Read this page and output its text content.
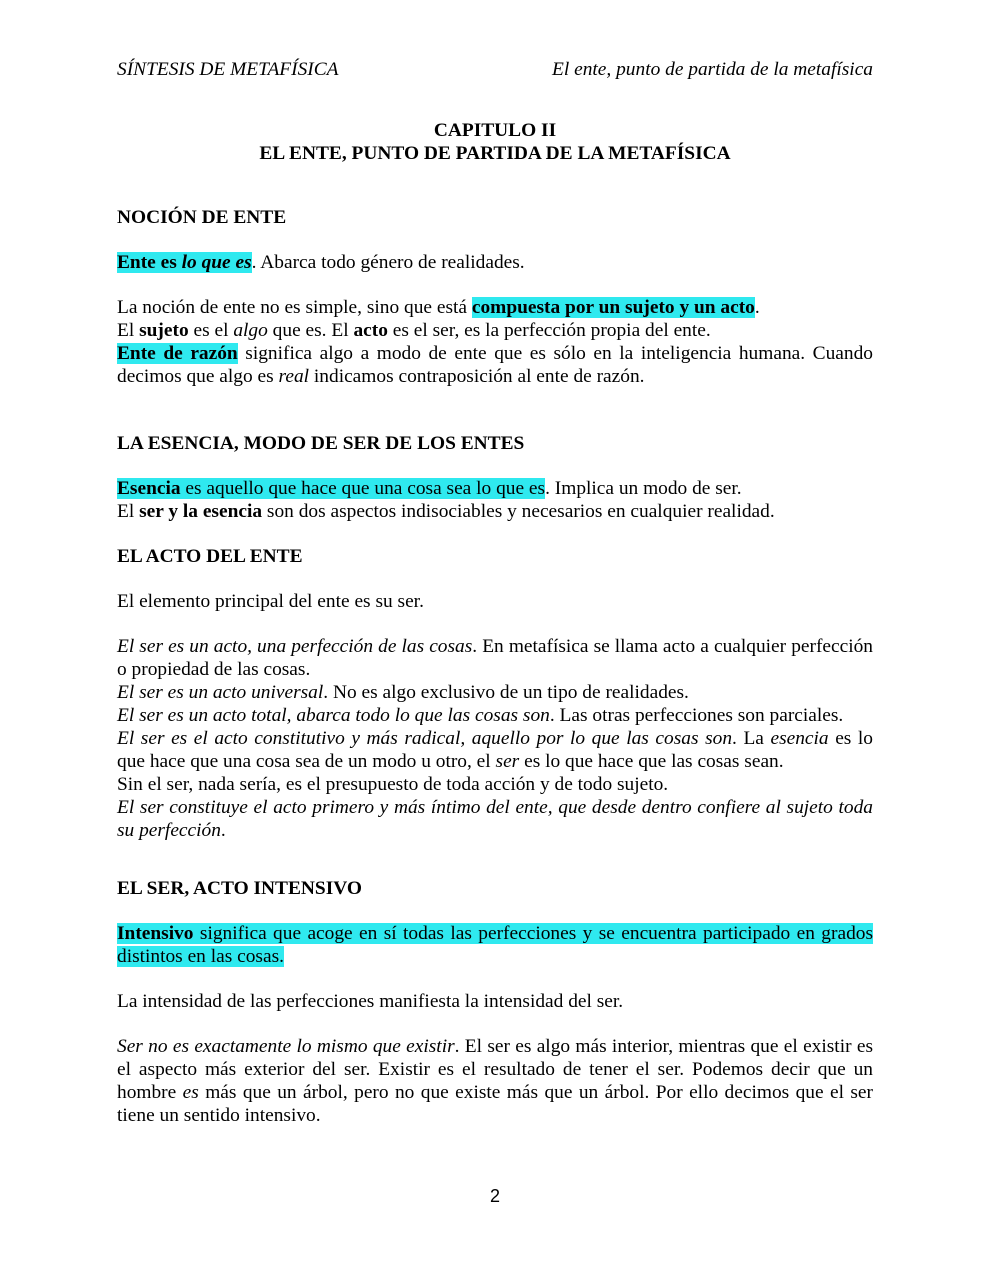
SÍNTESIS DE METAFÍSICA	El ente, punto de partida de la metafísica
CAPITULO II
EL ENTE, PUNTO DE PARTIDA DE LA METAFÍSICA
NOCIÓN DE ENTE
Ente es lo que es. Abarca todo género de realidades.
La noción de ente no es simple, sino que está compuesta por un sujeto y un acto.
El sujeto es el algo que es. El acto es el ser, es la perfección propia del ente.
Ente de razón significa algo a modo de ente que es sólo en la inteligencia humana. Cuando decimos que algo es real indicamos contraposición al ente de razón.
LA ESENCIA, MODO DE SER DE LOS ENTES
Esencia es aquello que hace que una cosa sea lo que es. Implica un modo de ser.
El ser y la esencia son dos aspectos indisociables y necesarios en cualquier realidad.
EL ACTO DEL ENTE
El elemento principal del ente es su ser.
El ser es un acto, una perfección de las cosas. En metafísica se llama acto a cualquier perfección o propiedad de las cosas.
El ser es un acto universal. No es algo exclusivo de un tipo de realidades.
El ser es un acto total, abarca todo lo que las cosas son. Las otras perfecciones son parciales.
El ser es el acto constitutivo y más radical, aquello por lo que las cosas son. La esencia es lo que hace que una cosa sea de un modo u otro, el ser es lo que hace que las cosas sean.
Sin el ser, nada sería, es el presupuesto de toda acción y de todo sujeto.
El ser constituye el acto primero y más íntimo del ente, que desde dentro confiere al sujeto toda su perfección.
EL SER, ACTO INTENSIVO
Intensivo significa que acoge en sí todas las perfecciones y se encuentra participado en grados distintos en las cosas.
La intensidad de las perfecciones manifiesta la intensidad del ser.
Ser no es exactamente lo mismo que existir. El ser es algo más interior, mientras que el existir es el aspecto más exterior del ser. Existir es el resultado de tener el ser. Podemos decir que un hombre es más que un árbol, pero no que existe más que un árbol. Por ello decimos que el ser tiene un sentido intensivo.
2
